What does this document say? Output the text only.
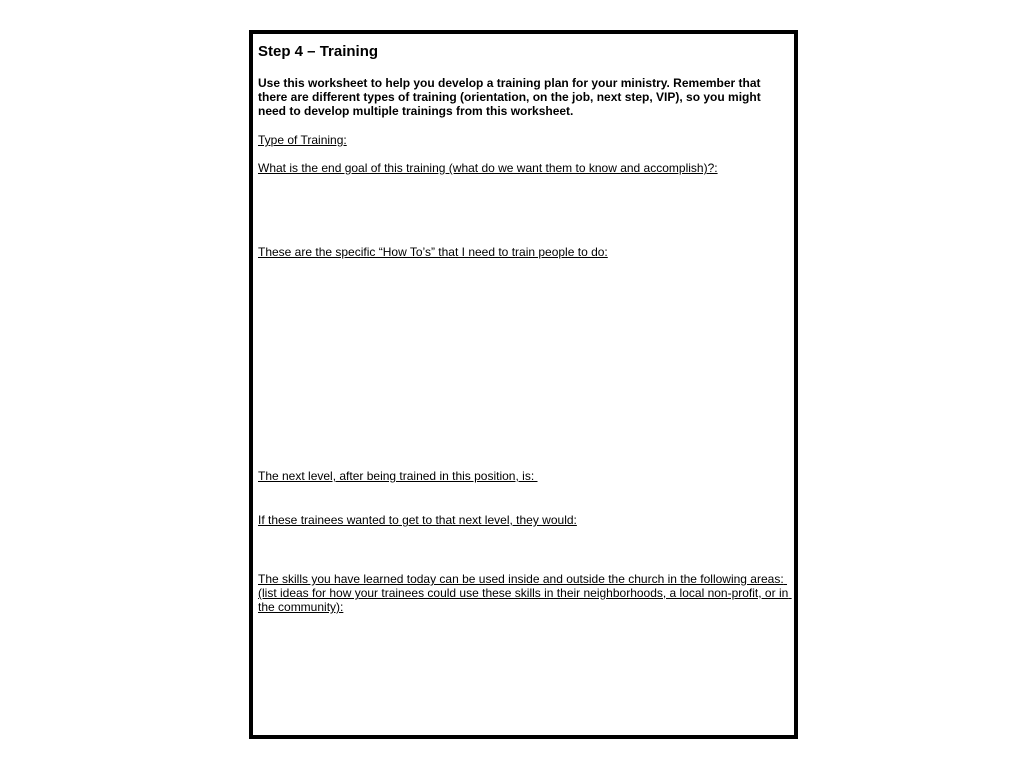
Step 4 – Training
Use this worksheet to help you develop a training plan for your ministry. Remember that there are different types of training (orientation, on the job, next step, VIP), so you might need to develop multiple trainings from this worksheet.
Type of Training:
What is the end goal of this training (what do we want them to know and accomplish)?:
These are the specific “How To’s” that I need to train people to do:
The next level, after being trained in this position, is:
If these trainees wanted to get to that next level, they would:
The skills you have learned today can be used inside and outside the church in the following areas: (list ideas for how your trainees could use these skills in their neighborhoods, a local non-profit, or in the community):
